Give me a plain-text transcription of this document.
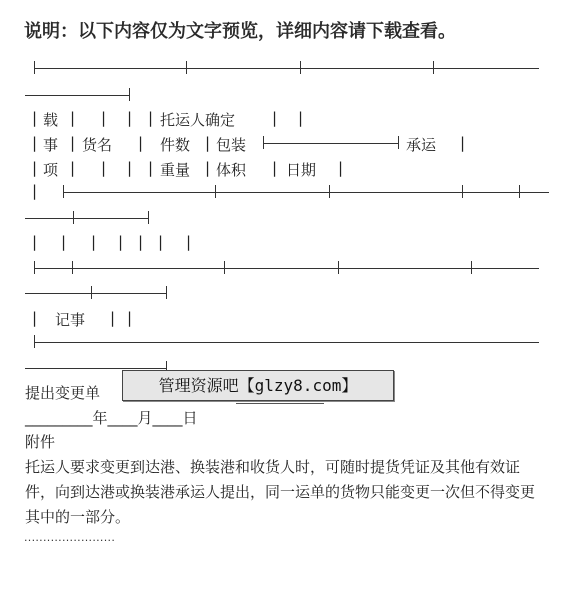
说明：以下内容仅为文字预览，详细内容请下载查看。
| 载 | | | | 托运人确定 | |
| 事 | 货名 | 件数 | 包装	承运 |
| 项 | | | | 重量 | 体积 | 日期 |
|
| | | | | | |
| 记事 | |
提出变更单
_________年____月____日
附件
管理资源吧【glzy8.com】
托运人要求变更到达港、换装港和收货人时，可随时提货凭证及其他有效证件，向到达港或换装港承运人提出，同一运单的货物只能变更一次但不得变更其中的一部分。
························
